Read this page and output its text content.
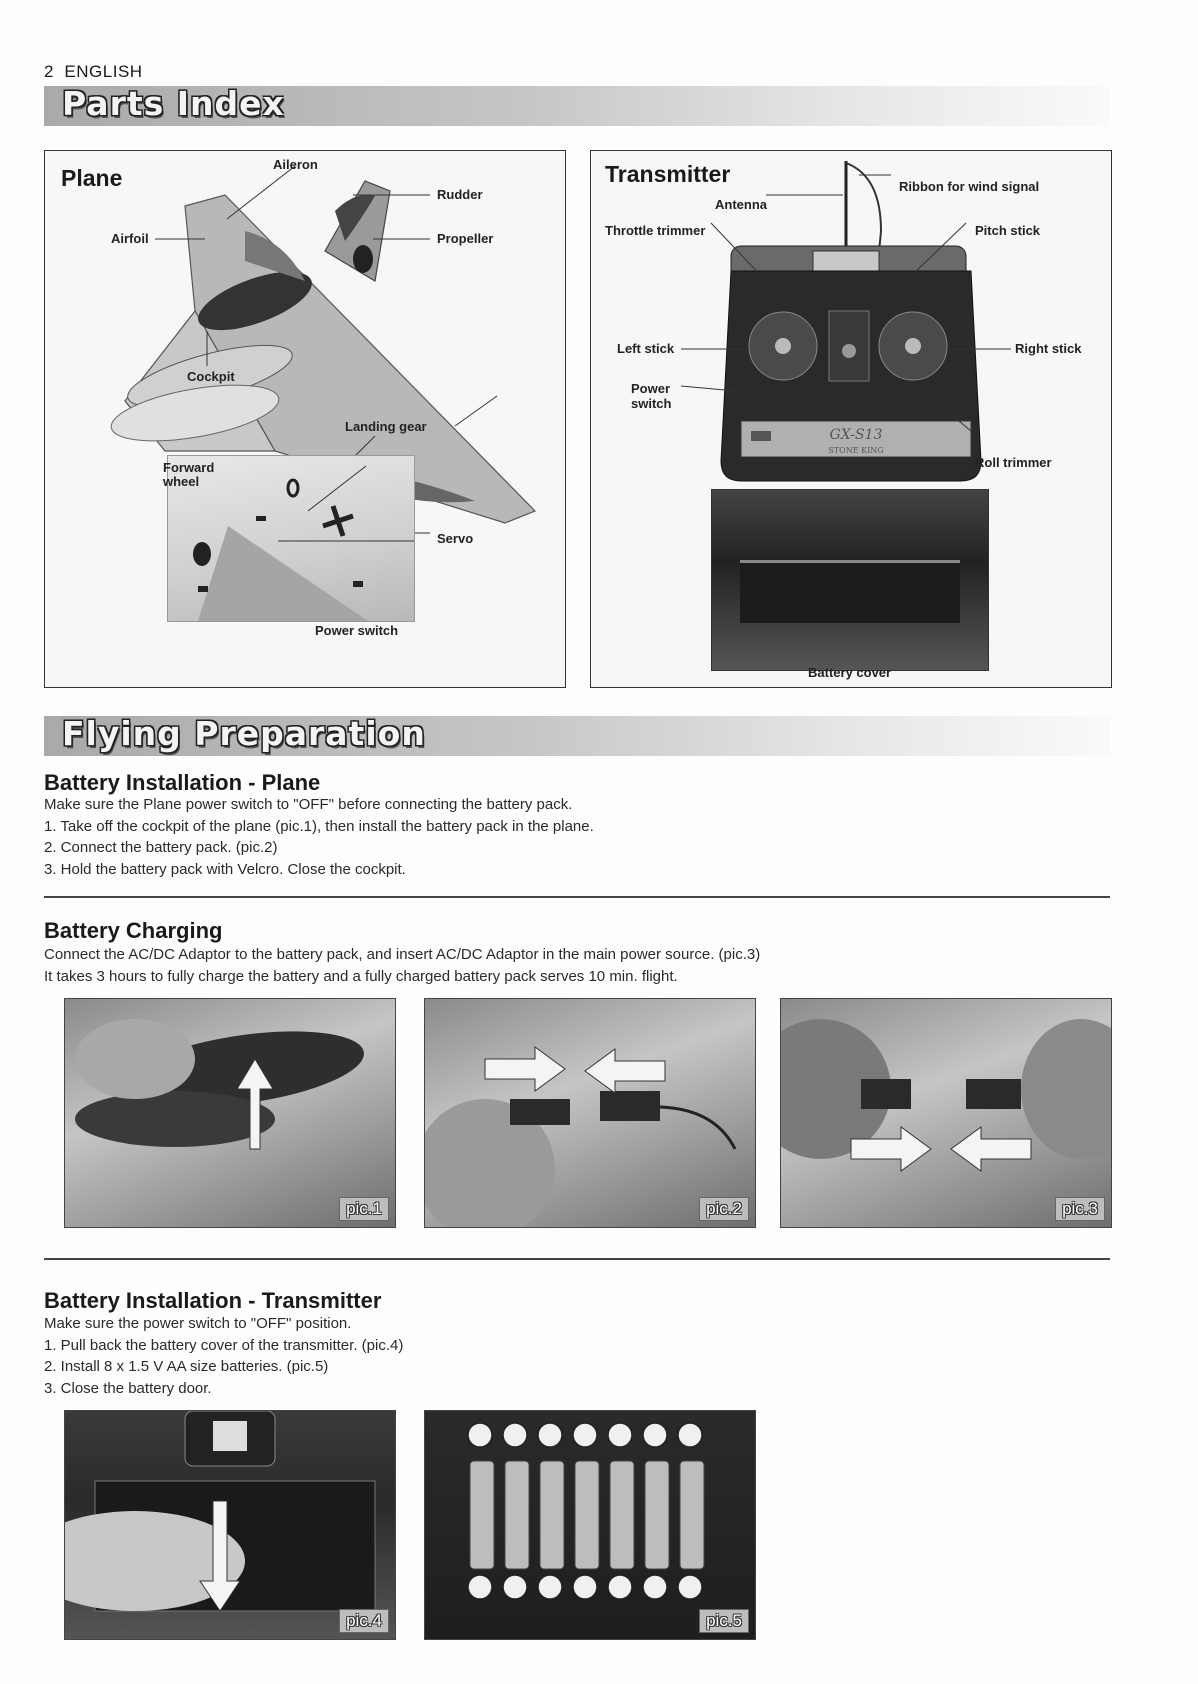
2 ENGLISH
Parts Index
Plane
Aileron
Rudder
Airfoil	Propeller
Cockpit
Landing gear
Forward
wheel
Servo
Power switch
Transmitter
GX-S13
STONE KING
Antenna
Ribbon for wind signal
Throttle trimmer	Pitch stick
Left stick	Right stick
Power
switch
Roll trimmer
Battery cover
Flying Preparation
Battery Installation - Plane
Make sure the Plane power switch to "OFF" before connecting the battery pack.
1. Take off the cockpit of the plane (pic.1), then install the battery pack in the plane.
2. Connect the battery pack. (pic.2)
3. Hold the battery pack with Velcro. Close the cockpit.
Battery Charging
Connect the AC/DC Adaptor to the battery pack, and insert AC/DC Adaptor in the main power source. (pic.3)
It takes 3 hours to fully charge the battery and a fully charged battery pack serves 10 min. flight.
pic.1	pic.2	pic.3
Battery Installation - Transmitter
Make sure the power switch to "OFF" position.
1. Pull back the battery cover of the transmitter. (pic.4)
2. Install 8 x 1.5 V AA size batteries. (pic.5)
3. Close the battery door.
pic.4	pic.5
